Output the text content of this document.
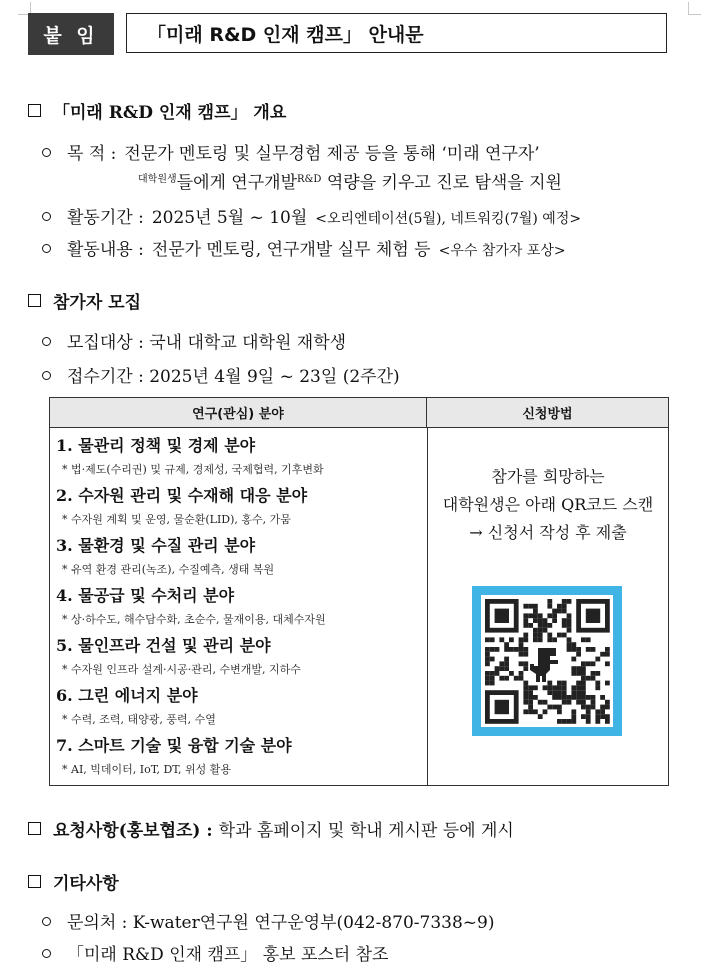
붙 임	「미래 R&D 인재 캠프」 안내문
「미래 R&D 인재 캠프」 개요
목 적 : 전문가 멘토링 및 실무경험 제공 등을 통해 ‘미래 연구자’
$^{대학원생}$들에게 연구개발$^{R\&D}$ 역량을 키우고 진로 탐색을 지원
활동기간 : 2025년 5월 ~ 10월 <오리엔테이션(5월), 네트워킹(7월) 예정>
활동내용 : 전문가 멘토링, 연구개발 실무 체험 등 <우수 참가자 포상>
참가자 모집
모집대상 : 국내 대학교 대학원 재학생
접수기간 : 2025년 4월 9일 ~ 23일 (2주간)
연구(관심) 분야	신청방법
1. 물관리 정책 및 경제 분야
* 법·제도(수리권) 및 규제, 경제성, 국제협력, 기후변화
2. 수자원 관리 및 수재해 대응 분야
* 수자원 계획 및 운영, 물순환(LID), 홍수, 가뭄
3. 물환경 및 수질 관리 분야
* 유역 환경 관리(녹조), 수질예측, 생태 복원
4. 물공급 및 수처리 분야
* 상·하수도, 해수담수화, 초순수, 물재이용, 대체수자원
5. 물인프라 건설 및 관리 분야
* 수자원 인프라 설계·시공·관리, 수변개발, 지하수
6. 그린 에너지 분야
* 수력, 조력, 태양광, 풍력, 수열
7. 스마트 기술 및 융합 기술 분야
* AI, 빅데이터, IoT, DT, 위성 활용
참가를 희망하는
대학원생은 아래 QR코드 스캔
→ 신청서 작성 후 제출
요청사항(홍보협조) : 학과 홈페이지 및 학내 게시판 등에 게시
기타사항
문의처 : K-water연구원 연구운영부(042-870-7338~9)
「미래 R&D 인재 캠프」 홍보 포스터 참조
